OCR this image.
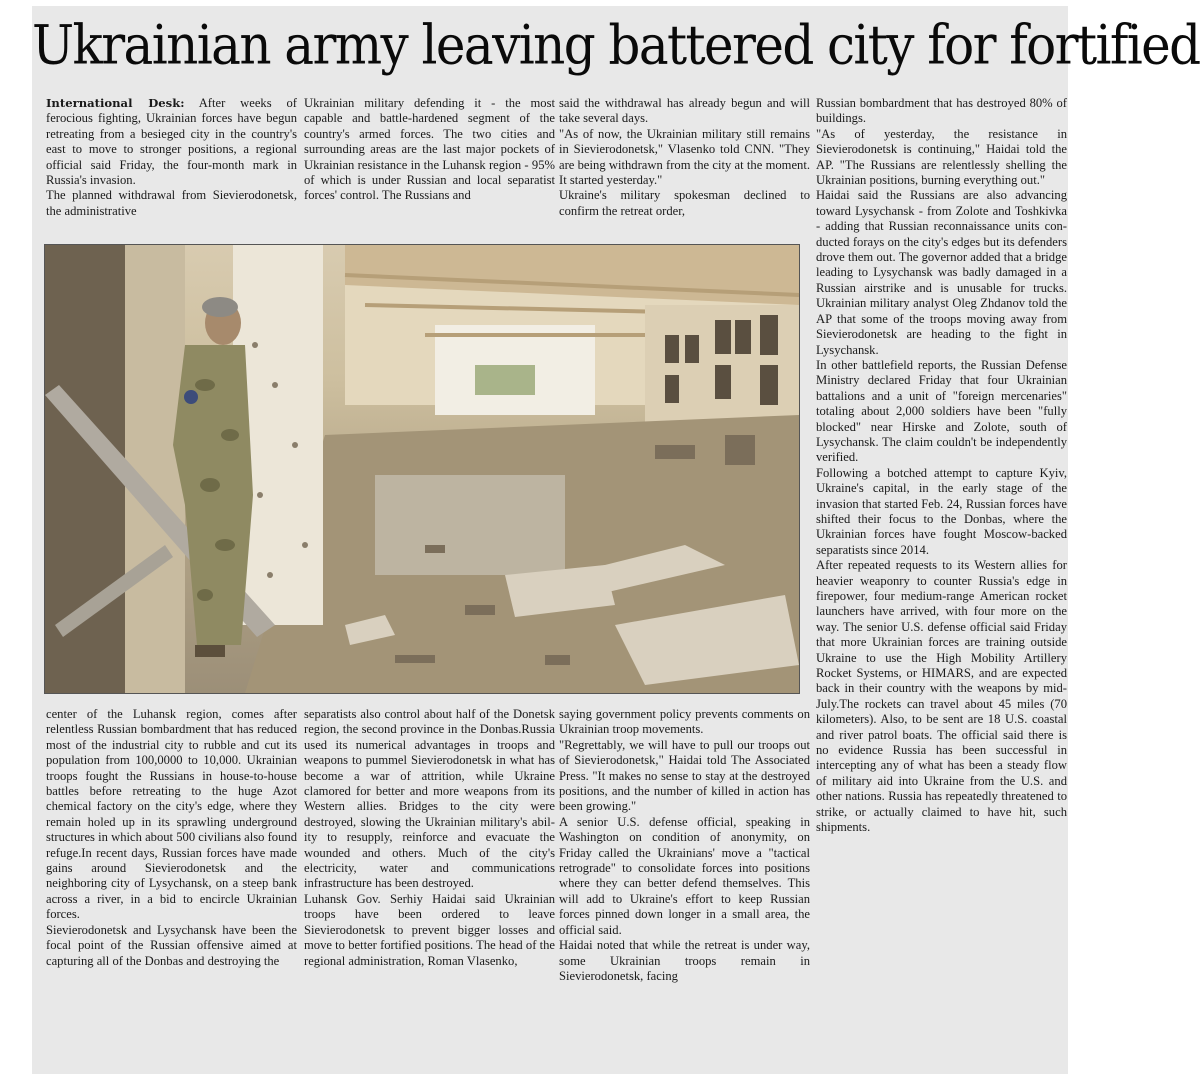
Ukrainian army leaving battered city for fortified

International Desk: After weeks of ferocious fighting, Ukrainian forces have begun retreating from a besieged city in the country's east to move to stronger positions, a regional official said Friday, the four-month mark in Russia's invasion.

The planned withdrawal from Sievierodonetsk, the administrative

Ukrainian military defending it - the most capable and battle-hardened segment of the country's armed forces. The two cities and surrounding areas are the last major pockets of Ukrainian resistance in the Luhansk region - 95% of which is under Russian and local separatist forces' control. The Russians and

said the withdrawal has already begun and will take several days.

"As of now, the Ukrainian military still remains in Sievierodonetsk," Vlasenko told CNN. "They are being withdrawn from the city at the moment. It started yesterday."

Ukraine's military spokesman declined to confirm the retreat order,

center of the Luhansk region, comes after relentless Russian bombardment that has reduced most of the industrial city to rubble and cut its population from 100,0000 to 10,000. Ukrainian troops fought the Russians in house-to-house battles before retreating to the huge Azot chemical factory on the city's edge, where they remain holed up in its sprawling underground structures in which about 500 civilians also found refuge.In recent days, Russian forces have made gains around Sievierodonetsk and the neighboring city of Lysychansk, on a steep bank across a river, in a bid to encircle Ukrainian forces.

Sievierodonetsk and Lysychansk have been the focal point of the Russian offensive aimed at capturing all of the Donbas and destroying the

separatists also control about half of the Donetsk region, the second province in the Donbas.Russia used its numerical advantages in troops and weapons to pummel Sievierodonetsk in what has become a war of attrition, while Ukraine clamored for better and more weapons from its Western allies. Bridges to the city were destroyed, slowing the Ukrainian military's ability to resupply, reinforce and evacuate the wounded and others. Much of the city's electricity, water and communications infrastructure has been destroyed.

Luhansk Gov. Serhiy Haidai said Ukrainian troops have been ordered to leave Sievierodonetsk to prevent bigger losses and move to better fortified positions. The head of the regional administration, Roman Vlasenko,

saying government policy prevents comments on Ukrainian troop movements.

"Regrettably, we will have to pull our troops out of Sievierodonetsk," Haidai told The Associated Press. "It makes no sense to stay at the destroyed positions, and the number of killed in action has been growing."

A senior U.S. defense official, speaking in Washington on condition of anonymity, on Friday called the Ukrainians' move a "tactical retrograde" to consolidate forces into positions where they can better defend themselves. This will add to Ukraine's effort to keep Russian forces pinned down longer in a small area, the official said.

Haidai noted that while the retreat is under way, some Ukrainian troops remain in Sievierodonetsk, facing

Russian bombardment that has destroyed 80% of buildings.

"As of yesterday, the resistance in Sievierodonetsk is continuing," Haidai told the AP. "The Russians are relentlessly shelling the Ukrainian positions, burning everything out."

Haidai said the Russians are also advancing toward Lysychansk - from Zolote and Toshkivka - adding that Russian reconnaissance units conducted forays on the city's edges but its defenders drove them out. The governor added that a bridge leading to Lysychansk was badly damaged in a Russian airstrike and is unusable for trucks. Ukrainian military analyst Oleg Zhdanov told the AP that some of the troops moving away from Sievierodonetsk are heading to the fight in Lysychansk.

In other battlefield reports, the Russian Defense Ministry declared Friday that four Ukrainian battalions and a unit of "foreign mercenaries" totaling about 2,000 soldiers have been "fully blocked" near Hirske and Zolote, south of Lysychansk. The claim couldn't be independently verified.

Following a botched attempt to capture Kyiv, Ukraine's capital, in the early stage of the invasion that started Feb. 24, Russian forces have shifted their focus to the Donbas, where the Ukrainian forces have fought Moscow-backed separatists since 2014.

After repeated requests to its Western allies for heavier weaponry to counter Russia's edge in firepower, four medium-range American rocket launchers have arrived, with four more on the way. The senior U.S. defense official said Friday that more Ukrainian forces are training outside Ukraine to use the High Mobility Artillery Rocket Systems, or HIMARS, and are expected back in their country with the weapons by mid-July.The rockets can travel about 45 miles (70 kilometers). Also, to be sent are 18 U.S. coastal and river patrol boats. The official said there is no evidence Russia has been successful in intercepting any of what has been a steady flow of military aid into Ukraine from the U.S. and other nations. Russia has repeatedly threatened to strike, or actually claimed to have hit, such shipments.
